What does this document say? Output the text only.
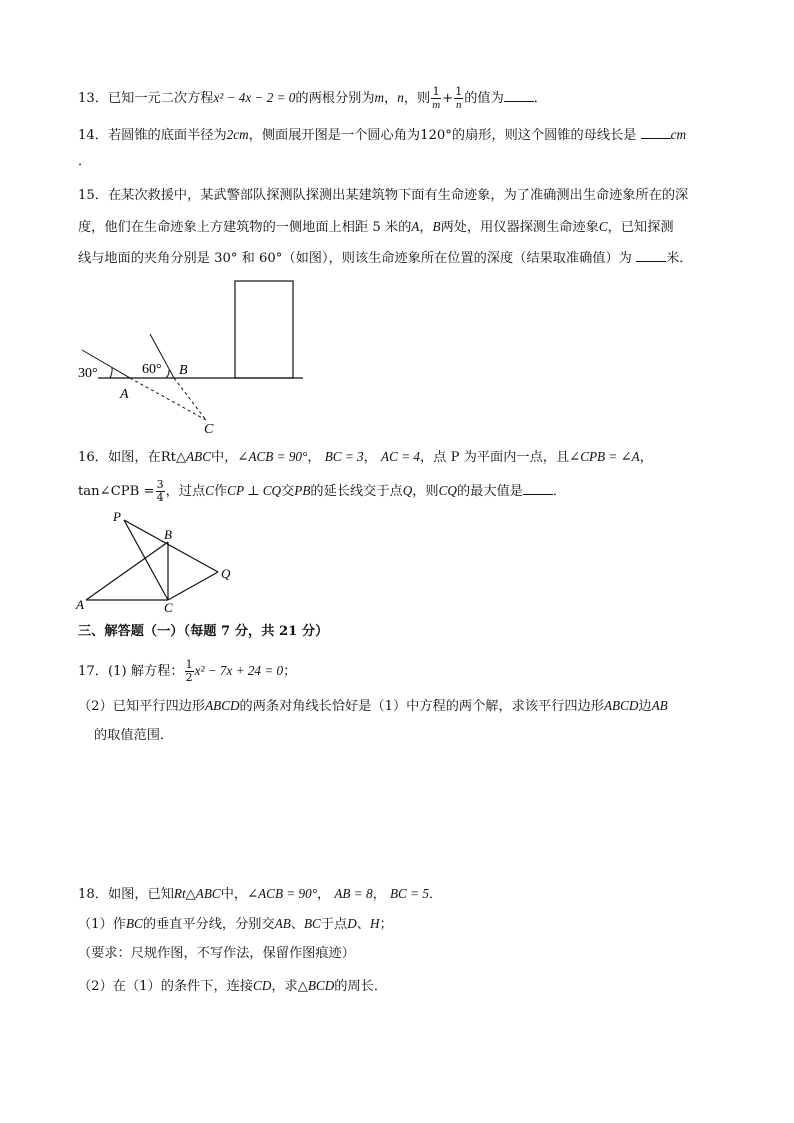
13．已知一元二次方程x² − 4x − 2 = 0的两根分别为m，n，则 $\frac{1}{m} + \frac{1}{n}$ 的值为 ．
14．若圆锥的底面半径为2cm，侧面展开图是一个圆心角为120°的扇形，则这个圆锥的母线长是	cm
．
15．在某次救援中，某武警部队探测队探测出某建筑物下面有生命迹象，为了准确测出生命迹象所在的深
度，他们在生命迹象上方建筑物的一侧地面上相距 5 米的A，B两处，用仪器探测生命迹象C，已知探测
线与地面的夹角分别是 30° 和 60°（如图），则该生命迹象所在位置的深度（结果取准确值）为	米．
30°	60°
A
B
C
16．如图，在Rt△ABC中，∠ACB = 90°， BC = 3， AC = 4，点 P 为平面内一点，且∠CPB = ∠A，
tan∠CPB = $\frac{3}{4}$ ，过点C作CP ⊥ CQ交PB的延长线交于点Q，则CQ的最大值是 ．
P
B
Q
A	C
三、解答题（一）（每题 7 分，共 21 分）
17．(1) 解方程： $\frac{1}{2} x^2 - 7x + 24 = 0$；
（2）已知平行四边形ABCD的两条对角线长恰好是（1）中方程的两个解，求该平行四边形ABCD边AB
的取值范围．
18．如图，已知Rt△ABC中，∠ACB = 90°， AB = 8， BC = 5．
（1）作BC的垂直平分线，分别交AB、BC于点D、H；
（要求：尺规作图，不写作法，保留作图痕迹）
（2）在（1）的条件下，连接CD，求△BCD的周长．
